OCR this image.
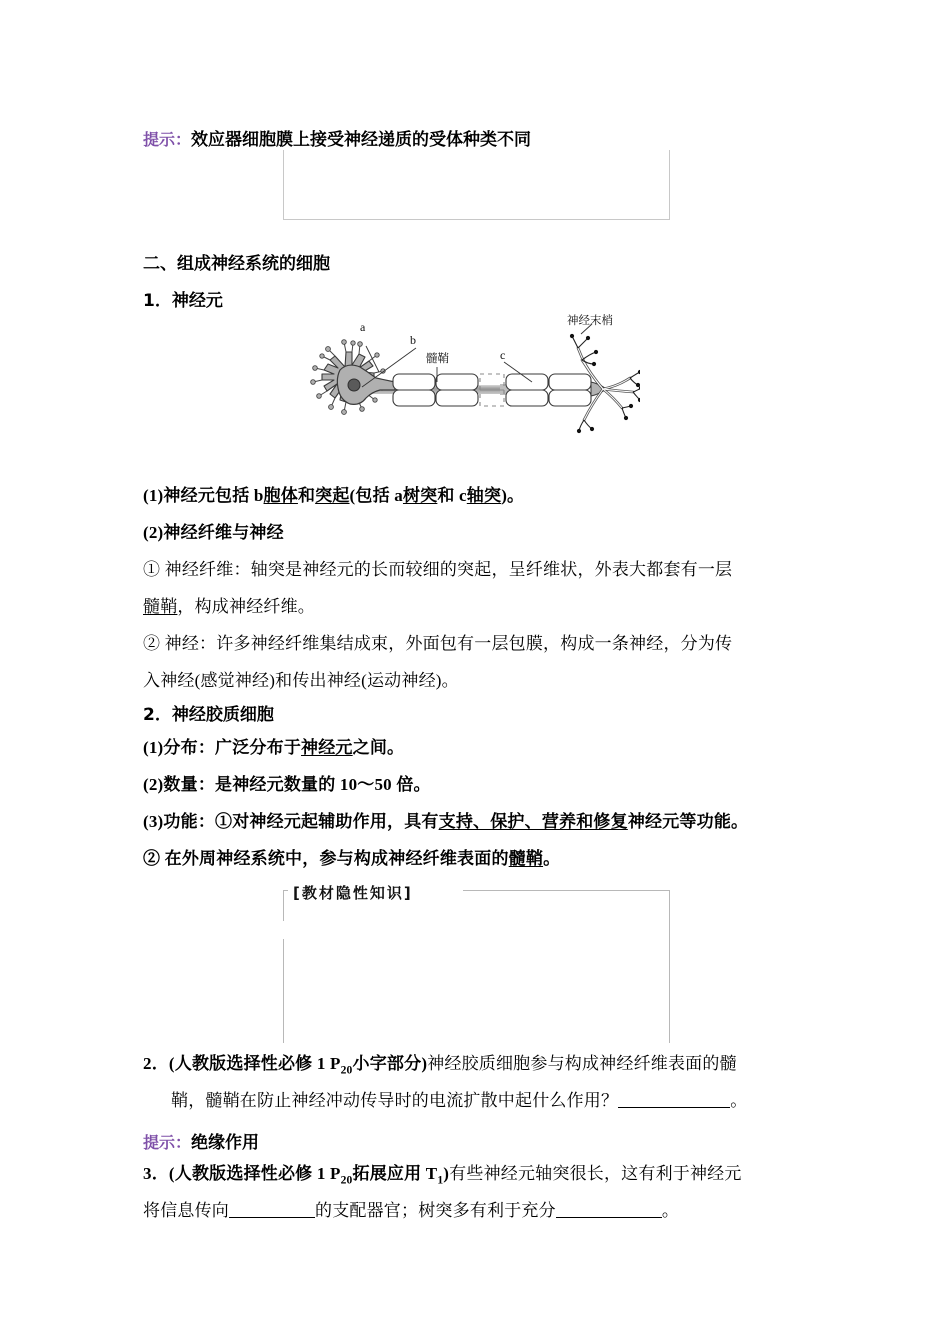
提示：效应器细胞膜上接受神经递质的受体种类不同
二、组成神经系统的细胞
1．神经元
a
b
髓鞘	c
神经末梢
(1)神经元包括 b胞体和突起(包括 a树突和 c轴突)。
(2)神经纤维与神经
① 神经纤维：轴突是神经元的长而较细的突起，呈纤维状，外表大都套有一层
髓鞘，构成神经纤维。
② 神经：许多神经纤维集结成束，外面包有一层包膜，构成一条神经，分为传
入神经(感觉神经)和传出神经(运动神经)。
2．神经胶质细胞
(1)分布：广泛分布于神经元之间。
(2)数量：是神经元数量的 10～50 倍。
(3)功能：①对神经元起辅助作用，具有支持、保护、营养和修复神经元等功能。
② 在外周神经系统中，参与构成神经纤维表面的髓鞘。
[教材隐性知识]
2．(人教版选择性必修 1 $P_{20}$小字部分)神经胶质细胞参与构成神经纤维表面的髓
鞘，髓鞘在防止神经冲动传导时的电流扩散中起什么作用？	。
提示：绝缘作用
3．(人教版选择性必修 1 $P_{20}$拓展应用 $T_1$)有些神经元轴突很长，这有利于神经元
将信息传向	的支配器官；树突多有利于充分	。
